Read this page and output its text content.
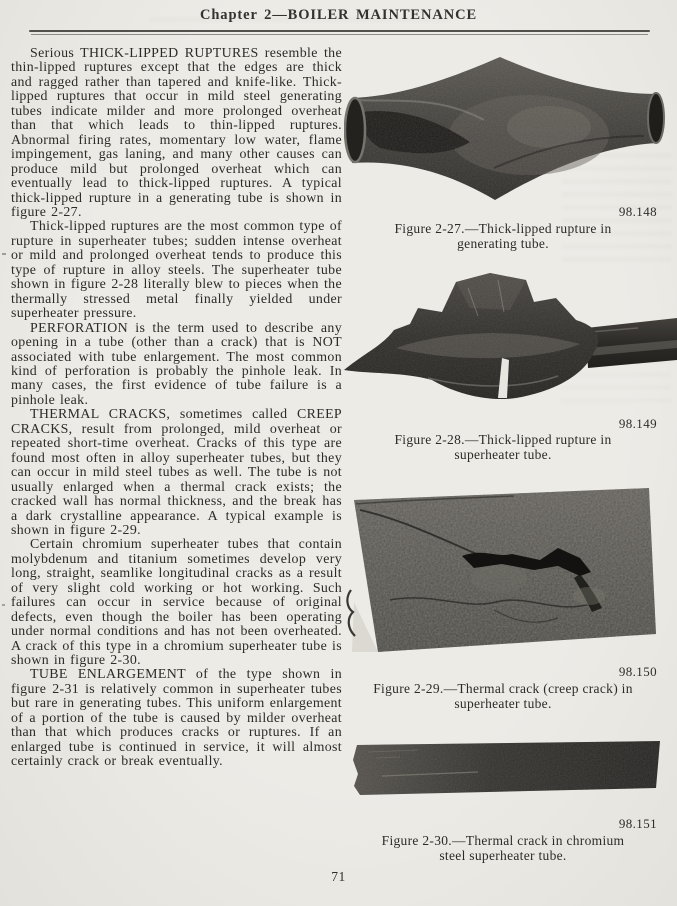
Chapter 2—BOILER MAINTENANCE

Serious THICK-LIPPED RUPTURES resemble the thin-lipped ruptures except that the edges are thick and ragged rather than tapered and knife-like. Thick-lipped ruptures that occur in mild steel generating tubes indicate milder and more prolonged overheat than that which leads to thin-lipped ruptures. Abnormal firing rates, momentary low water, flame impingement, gas laning, and many other causes can produce mild but prolonged overheat which can eventually lead to thick-lipped ruptures. A typical thick-lipped rupture in a generating tube is shown in figure 2-27.

Thick-lipped ruptures are the most common type of rupture in superheater tubes; sudden intense overheat or mild and prolonged overheat tends to produce this type of rupture in alloy steels. The superheater tube shown in figure 2-28 literally blew to pieces when the thermally stressed metal finally yielded under superheater pressure.

PERFORATION is the term used to describe any opening in a tube (other than a crack) that is NOT associated with tube enlargement. The most common kind of perforation is probably the pinhole leak. In many cases, the first evidence of tube failure is a pinhole leak.

THERMAL CRACKS, sometimes called CREEP CRACKS, result from prolonged, mild overheat or repeated short-time overheat. Cracks of this type are found most often in alloy superheater tubes, but they can occur in mild steel tubes as well. The tube is not usually enlarged when a thermal crack exists; the cracked wall has normal thickness, and the break has a dark crystalline appearance. A typical example is shown in figure 2-29.

Certain chromium superheater tubes that contain molybdenum and titanium sometimes develop very long, straight, seamlike longitudinal cracks as a result of very slight cold working or hot working. Such failures can occur in service because of original defects, even though the boiler has been operating under normal conditions and has not been overheated. A crack of this type in a chromium superheater tube is shown in figure 2-30.

TUBE ENLARGEMENT of the type shown in figure 2-31 is relatively common in superheater tubes but rare in generating tubes. This uniform enlargement of a portion of the tube is caused by milder overheat than that which produces cracks or ruptures. If an enlarged tube is continued in service, it will almost certainly crack or break eventually.

98.148
Figure 2-27.—Thick-lipped rupture in generating tube.
98.149
Figure 2-28.—Thick-lipped rupture in superheater tube.
98.150
Figure 2-29.—Thermal crack (creep crack) in superheater tube.
98.151
Figure 2-30.—Thermal crack in chromium steel superheater tube.
71
